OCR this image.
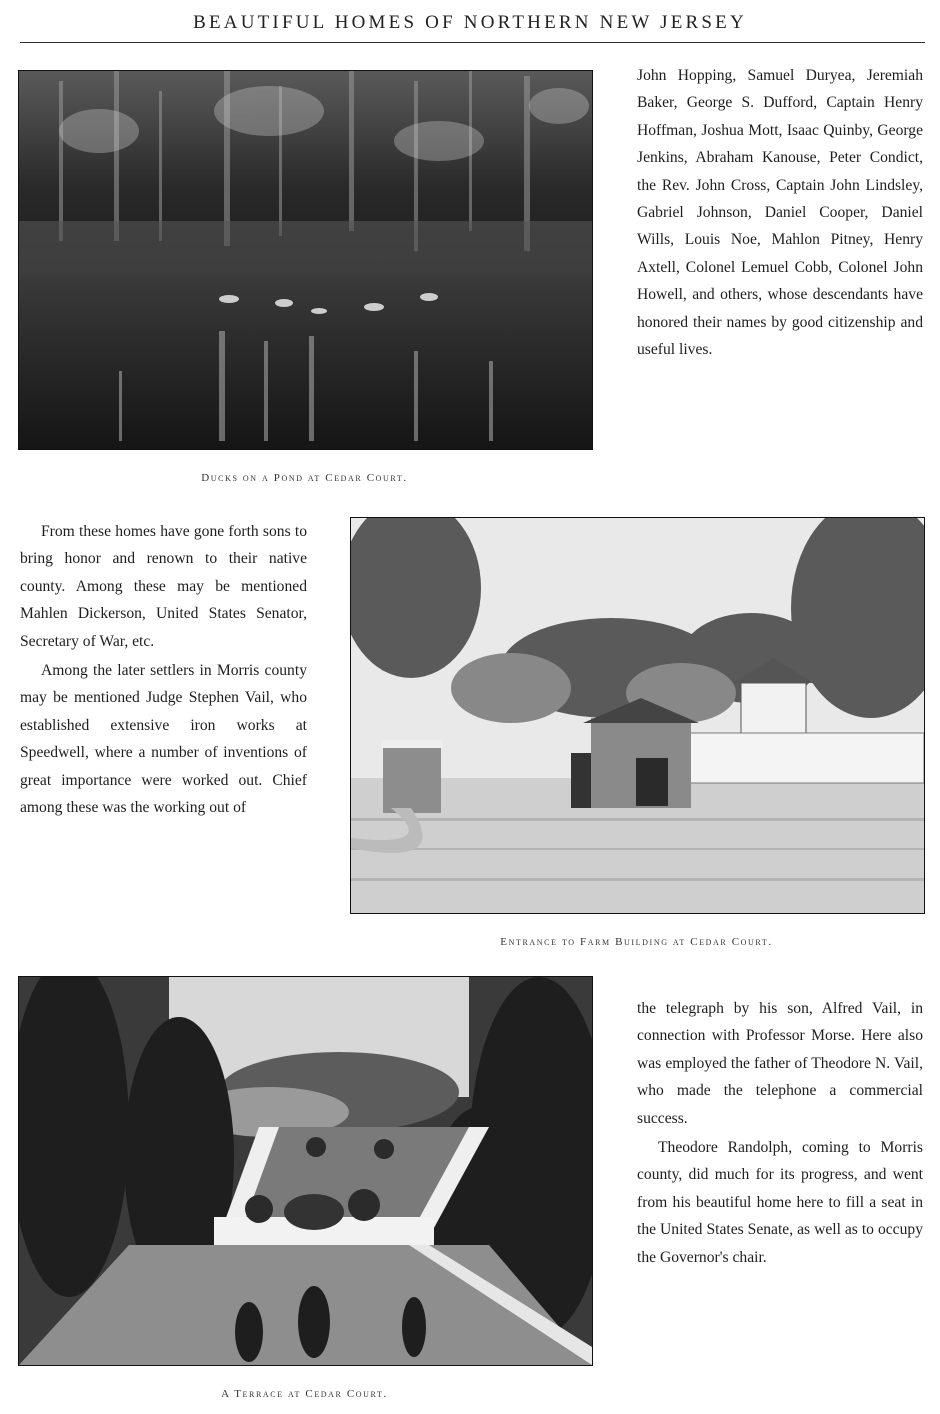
BEAUTIFUL HOMES OF NORTHERN NEW JERSEY
Ducks on a Pond at Cedar Court.

John Hopping, Samuel Duryea, Jeremiah Baker, George S. Dufford, Captain Henry Hoffman, Joshua Mott, Isaac Quinby, George Jenkins, Abraham Kanouse, Peter Condict, the Rev. John Cross, Captain John Lindsley, Gabriel Johnson, Daniel Cooper, Daniel Wills, Louis Noe, Mahlon Pitney, Henry Axtell, Colonel Lemuel Cobb, Colonel John Howell, and others, whose descendants have honored their names by good citizenship and useful lives.

From these homes have gone forth sons to bring honor and renown to their native county. Among these may be mentioned Mahlen Dickerson, United States Senator, Secretary of War, etc.

Among the later settlers in Morris county may be mentioned Judge Stephen Vail, who established extensive iron works at Speedwell, where a number of inventions of great importance were worked out. Chief among these was the working out of

Entrance to Farm Building at Cedar Court.
A Terrace at Cedar Court.

the telegraph by his son, Alfred Vail, in connection with Professor Morse. Here also was employed the father of Theodore N. Vail, who made the telephone a commercial success.

Theodore Randolph, coming to Morris county, did much for its progress, and went from his beautiful home here to fill a seat in the United States Senate, as well as to occupy the Governor's chair.
